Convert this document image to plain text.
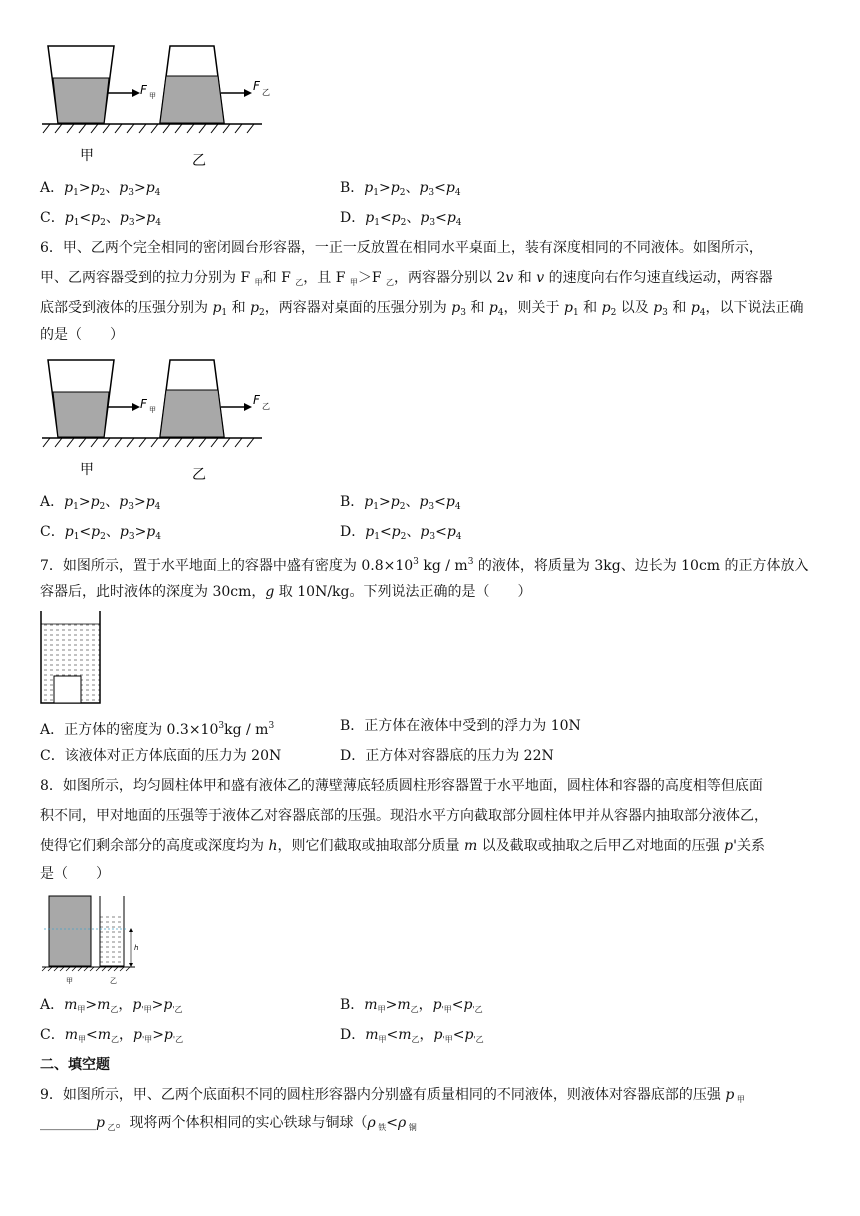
F 甲
F 乙
甲	乙
A．$p_1>p_2$、$p_3>p_4$	B．$p_1>p_2$、$p_3<p_4$
C．$p_1<p_2$、$p_3>p_4$	D．$p_1<p_2$、$p_3<p_4$
6．甲、乙两个完全相同的密闭圆台形容器，一正一反放置在相同水平桌面上，装有深度相同的不同液体。如图所示，
甲、乙两容器受到的拉力分别为 F $_甲$和 F $_乙$，且 F $_甲$＞F $_乙$，两容器分别以 2v 和 v 的速度向右作匀速直线运动，两容器
底部受到液体的压强分别为 $p_1$ 和 $p_2$，两容器对桌面的压强分别为 $p_3$ 和 $p_4$，则关于 $p_1$ 和 $p_2$ 以及 $p_3$ 和 $p_4$，以下说法正确
的是（　　）
F 甲
F 乙
甲	乙
A．$p_1>p_2$、$p_3>p_4$	B．$p_1>p_2$、$p_3<p_4$
C．$p_1<p_2$、$p_3>p_4$	D．$p_1<p_2$、$p_3<p_4$
7．如图所示，置于水平地面上的容器中盛有密度为 $0.8\times 10^3$ kg / $m^3$ 的液体，将质量为 3kg、边长为 10cm 的正方体放入
容器后，此时液体的深度为 30cm，g 取 10N/kg。下列说法正确的是（　　）
A．正方体的密度为 $0.3\times 10^3kg / m^3$	B．正方体在液体中受到的浮力为 10N
C．该液体对正方体底面的压力为 20N	D．正方体对容器底的压力为 22N
8．如图所示，均匀圆柱体甲和盛有液体乙的薄壁薄底轻质圆柱形容器置于水平地面，圆柱体和容器的高度相等但底面
积不同，甲对地面的压强等于液体乙对容器底部的压强。现沿水平方向截取部分圆柱体甲并从容器内抽取部分液体乙，
使得它们剩余部分的高度或深度均为 h，则它们截取或抽取部分质量 m 以及截取或抽取之后甲乙对地面的压强 p'关系
是（　　）
h
甲	乙
A．$m_甲>m_乙$，$p_{'甲}>p_{'乙}$	B．$m_甲>m_乙$，$p_{'甲}<p_{'乙}$
C．$m_甲<m_乙$，$p_{'甲}>p_{'乙}$	D．$m_甲<m_乙$，$p_{'甲}<p_{'乙}$
二、填空题
9．如图所示，甲、乙两个底面积不同的圆柱形容器内分别盛有质量相同的不同液体，则液体对容器底部的压强 p $_甲$
________p $_乙$。现将两个体积相同的实心铁球与铜球（ρ $_铁$<ρ $_铜$
